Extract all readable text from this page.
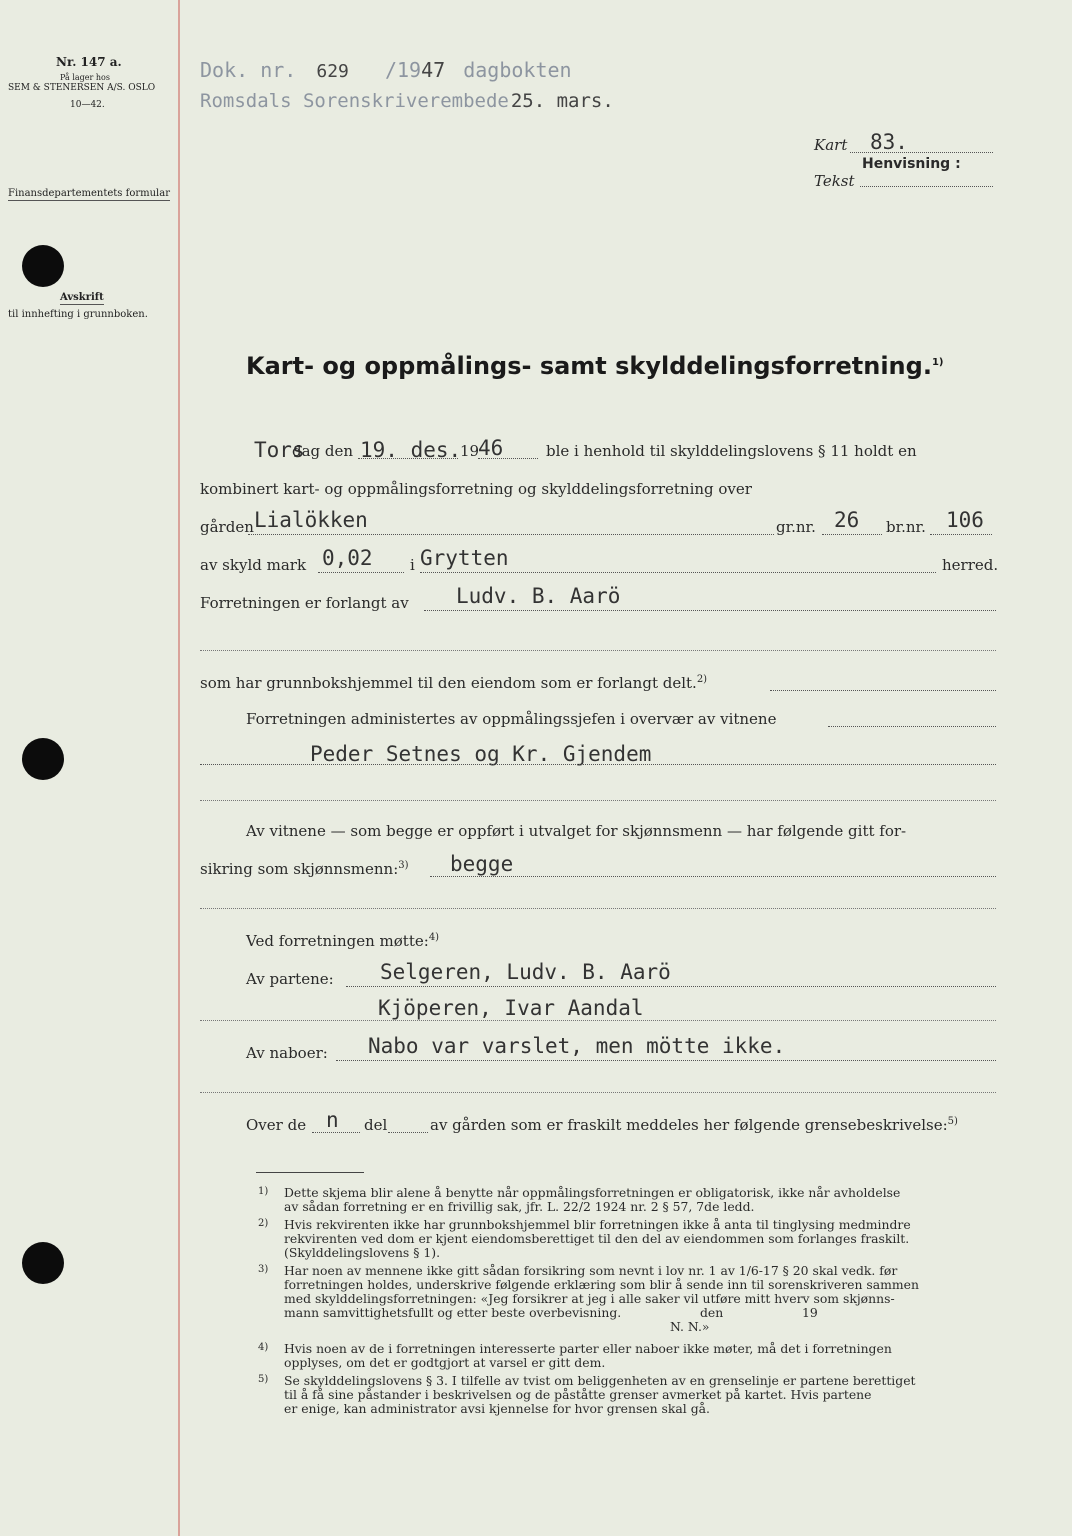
Nr. 147 a.
På lager hos
SEM & STENERSEN A/S. OSLO
10—42.
Finansdepartementets formular
Avskrift
til innhefting i grunnboken.
Dok. nr. 629 /1947 dagbokten
Romsdals Sorenskriverembede 25. mars.
Henvisning :
Kart 83.
Tekst
Kart- og oppmålings- samt skylddelingsforretning.$^{1)}$
Tors
dag den 19. des.
19
46	ble i henhold til skylddelingslovens § 11 holdt en
kombinert kart- og oppmålingsforretning og skylddelingsforretning over
gården Lialökken	gr.nr. 26 br.nr. 106
av skyld mark 0,02 i Grytten	herred.
Forretningen er forlangt av Ludv. B. Aarö
som har grunnbokshjemmel til den eiendom som er forlangt delt.$^{2)}$
Forretningen administertes av oppmålingssjefen i overvær av vitnene
Peder Setnes og Kr. Gjendem
Av vitnene — som begge er oppført i utvalget for skjønnsmenn — har følgende gitt for-
sikring som skjønnsmenn:$^{3)}$ begge
Ved forretningen møtte:$^{4)}$
Av partene: Selgeren, Ludv. B. Aarö
Kjöperen, Ivar Aandal
Av naboer: Nabo var varslet, men mötte ikke.
Over de n del	av gården som er fraskilt meddeles her følgende grensebeskrivelse:$^{5)}$
1) Dette skjema blir alene å benytte når oppmålingsforretningen er obligatorisk, ikke når avholdelse
av sådan forretning er en frivillig sak, jfr. L. 22/2 1924 nr. 2 § 57, 7de ledd.
2) Hvis rekvirenten ikke har grunnbokshjemmel blir forretningen ikke å anta til tinglysing medmindre
rekvirenten ved dom er kjent eiendomsberettiget til den del av eiendommen som forlanges fraskilt.
(Skylddelingslovens § 1).
3) Har noen av mennene ikke gitt sådan forsikring som nevnt i lov nr. 1 av 1/6-17 § 20 skal vedk. før
forretningen holdes, underskrive følgende erklæring som blir å sende inn til sorenskriveren sammen
med skylddelingsforretningen: «Jeg forsikrer at jeg i alle saker vil utføre mitt hverv som skjønns-
mann samvittighetsfullt og etter beste overbevisning.                    den                    19
N. N.»
4) Hvis noen av de i forretningen interesserte parter eller naboer ikke møter, må det i forretningen
opplyses, om det er godtgjort at varsel er gitt dem.
5) Se skylddelingslovens § 3. I tilfelle av tvist om beliggenheten av en grenselinje er partene berettiget
til å få sine påstander i beskrivelsen og de påståtte grenser avmerket på kartet. Hvis partene
er enige, kan administrator avsi kjennelse for hvor grensen skal gå.
